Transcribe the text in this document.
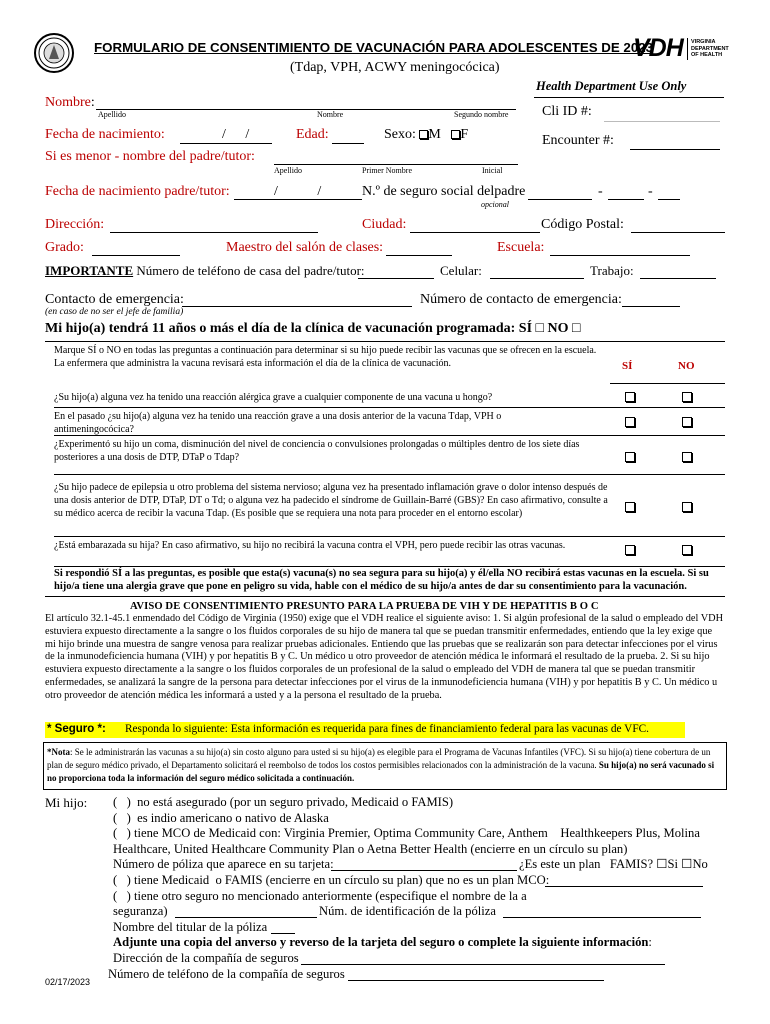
FORMULARIO DE CONSENTIMIENTO DE VACUNACIÓN PARA ADOLESCENTES DE 2023
(Tdap, VPH, ACWY meningocócica)
VDH VIRGINIA
DEPARTMENT
OF HEALTH
Health Department Use Only
Cli ID #:
Encounter #:
Nombre:
Apellido	Nombre	Segundo nombre
Fecha de nacimiento:	/ /	Edad:	Sexo: M F
Si es menor - nombre del padre/tutor:
Apellido	Primer Nombre	Inicial
Fecha de nacimiento padre/tutor:	/ /	N.º de seguro social delpadre	-	-
opcional
Dirección:	Ciudad:	Código Postal:
Grado:	Maestro del salón de clases:	Escuela:
IMPORTANTE Número de teléfono de casa del padre/tutor:	Celular:	Trabajo:
Contacto de emergencia:	Número de contacto de emergencia:
(en caso de no ser el jefe de familia)
Mi hijo(a) tendrá 11 años o más el día de la clínica de vacunación programada: SÍ □ NO □
Marque SÍ o NO en todas las preguntas a continuación para determinar si su hijo puede recibir las vacunas que se ofrecen en la escuela. La enfermera que administra la vacuna revisará esta información el día de la clínica de vacunación.	SÍ	NO
¿Su hijo(a) alguna vez ha tenido una reacción alérgica grave a cualquier componente de una vacuna u hongo?
En el pasado ¿su hijo(a) alguna vez ha tenido una reacción grave a una dosis anterior de la vacuna Tdap, VPH o antimeningocócica?
¿Experimentó su hijo un coma, disminución del nivel de conciencia o convulsiones prolongadas o múltiples dentro de los siete días posteriores a una dosis de DTP, DTaP o Tdap?
¿Su hijo padece de epilepsia u otro problema del sistema nervioso; alguna vez ha presentado inflamación grave o dolor intenso después de una dosis anterior de DTP, DTaP, DT o Td; o alguna vez ha padecido el síndrome de Guillain-Barré (GBS)? En caso afirmativo, consulte a su médico acerca de recibir la vacuna Tdap. (Es posible que se requiera una nota para proceder en el entorno escolar)
¿Está embarazada su hija? En caso afirmativo, su hijo no recibirá la vacuna contra el VPH, pero puede recibir las otras vacunas.
Si respondió SÍ a las preguntas, es posible que esta(s) vacuna(s) no sea segura para su hijo(a) y él/ella NO recibirá estas vacunas en la escuela. Si su hijo/a tiene una alergia grave que pone en peligro su vida, hable con el médico de su hijo/a antes de dar su consentimiento para la vacunación.
AVISO DE CONSENTIMIENTO PRESUNTO PARA LA PRUEBA DE VIH Y DE HEPATITIS B O C
El artículo 32.1-45.1 enmendado del Código de Virginia (1950) exige que el VDH realice el siguiente aviso: 1. Si algún profesional de la salud o empleado del VDH estuviera expuesto directamente a la sangre o los fluidos corporales de su hijo de manera tal que se puedan transmitir enfermedades, entiendo que la ley exige que mi hijo brinde una muestra de sangre venosa para realizar pruebas adicionales. Entiendo que las pruebas que se realizarán son para detectar infecciones por el virus de la inmunodeficiencia humana (VIH) y por hepatitis B y C. Un médico u otro proveedor de atención médica le informará el resultado de la prueba. 2. Si su hijo estuviera expuesto directamente a la sangre o los fluidos corporales de un profesional de la salud o empleado del VDH de manera tal que se puedan transmitir enfermedades, se analizará la sangre de la persona para detectar infecciones por el virus de la inmunodeficiencia humana (VIH) y por hepatitis B y C. Un médico u otro proveedor de atención médica les informará a usted y a la persona el resultado de la prueba.
* Seguro *: Responda lo siguiente: Esta información es requerida para fines de financiamiento federal para las vacunas de VFC.
*Nota: Se le administrarán las vacunas a su hijo(a) sin costo alguno para usted si su hijo(a) es elegible para el Programa de Vacunas Infantiles (VFC). Si su hijo(a) tiene cobertura de un plan de seguro médico privado, el Departamento solicitará el reembolso de todos los costos permisibles relacionados con la administración de la vacuna. Su hijo(a) no será vacunado si no proporciona toda la información del seguro médico solicitada a continuación.
Mi hijo: (   )  no está asegurado (por un seguro privado, Medicaid o FAMIS)
(   )  es indio americano o nativo de Alaska
(   ) tiene MCO de Medicaid con: Virginia Premier, Optima Community Care, Anthem    Healthkeepers Plus, Molina
Healthcare, United Healthcare Community Plan o Aetna Better Health (encierre en un círculo su plan)
Número de póliza que aparece en su tarjeta:	¿Es este un plan   FAMIS? ☐Si ☐No
(   ) tiene Medicaid  o FAMIS (encierre en un círculo su plan) que no es un plan MCO:
(   ) tiene otro seguro no mencionado anteriormente (especifique el nombre de la a
seguranza)	Núm. de identificación de la póliza
Nombre del titular de la póliza
Adjunte una copia del anverso y reverso de la tarjeta del seguro o complete la siguiente información:
Dirección de la compañía de seguros
Número de teléfono de la compañía de seguros
02/17/2023
